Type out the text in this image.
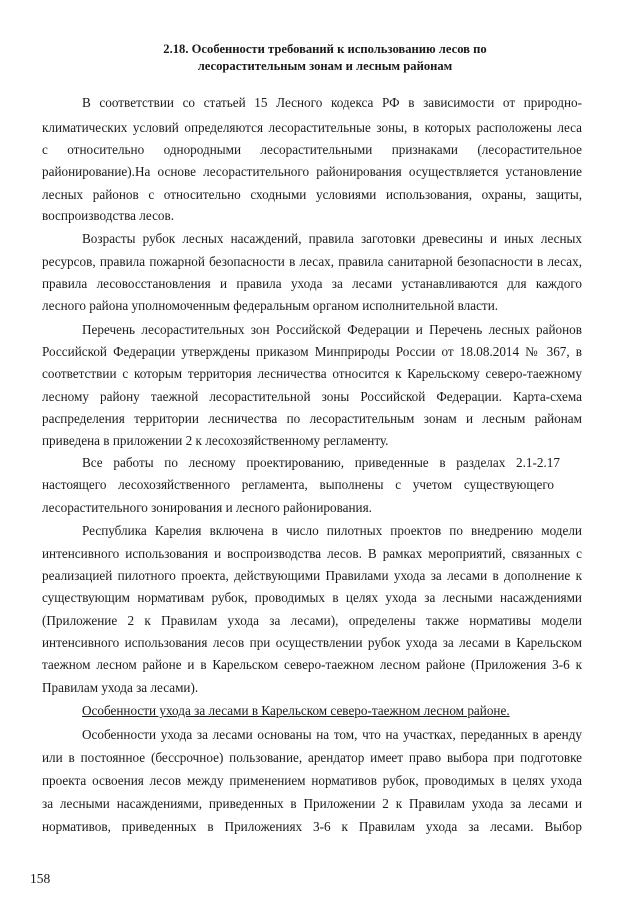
2.18. Особенности требований к использованию лесов по
лесорастительным зонам и лесным районам
В соответствии со статьей 15 Лесного кодекса РФ в зависимости от природно-
климатических условий определяются лесорастительные зоны, в которых расположены леса
с относительно однородными лесорастительными признаками (лесорастительное
районирование).На основе лесорастительного районирования осуществляется установление
лесных районов с относительно сходными условиями использования, охраны, защиты,
воспроизводства лесов.
Возрасты рубок лесных насаждений, правила заготовки древесины и иных лесных
ресурсов, правила пожарной безопасности в лесах, правила санитарной безопасности в лесах,
правила лесовосстановления и правила ухода за лесами устанавливаются для каждого
лесного района уполномоченным федеральным органом исполнительной власти.
Перечень лесорастительных зон Российской Федерации и Перечень лесных районов
Российской Федерации утверждены приказом Минприроды России от 18.08.2014 № 367, в
соответствии с которым территория лесничества относится к Карельскому северо-таежному
лесному району таежной лесорастительной зоны Российской Федерации. Карта-схема
распределения территории лесничества по лесорастительным зонам и лесным районам
приведена в приложении 2 к лесохозяйственному регламенту.
Все работы по лесному проектированию, приведенные в разделах 2.1-2.17
настоящего лесохозяйственного регламента, выполнены с учетом существующего
лесорастительного зонирования и лесного районирования.
Республика Карелия включена в число пилотных проектов по внедрению модели
интенсивного использования и воспроизводства лесов. В рамках мероприятий, связанных с
реализацией пилотного проекта, действующими Правилами ухода за лесами в дополнение к
существующим нормативам рубок, проводимых в целях ухода за лесными насаждениями
(Приложение 2 к Правилам ухода за лесами), определены также нормативы модели
интенсивного использования лесов при осуществлении рубок ухода за лесами в Карельском
таежном лесном районе и в Карельском северо-таежном лесном районе (Приложения 3-6 к
Правилам ухода за лесами).
Особенности ухода за лесами в Карельском северо-таежном лесном районе.
Особенности ухода за лесами основаны на том, что на участках, переданных в аренду
или в постоянное (бессрочное) пользование, арендатор имеет право выбора при подготовке
проекта освоения лесов между применением нормативов рубок, проводимых в целях ухода
за лесными насаждениями, приведенных в Приложении 2 к Правилам ухода за лесами и
нормативов, приведенных в Приложениях 3-6 к Правилам ухода за лесами. Выбор
158
